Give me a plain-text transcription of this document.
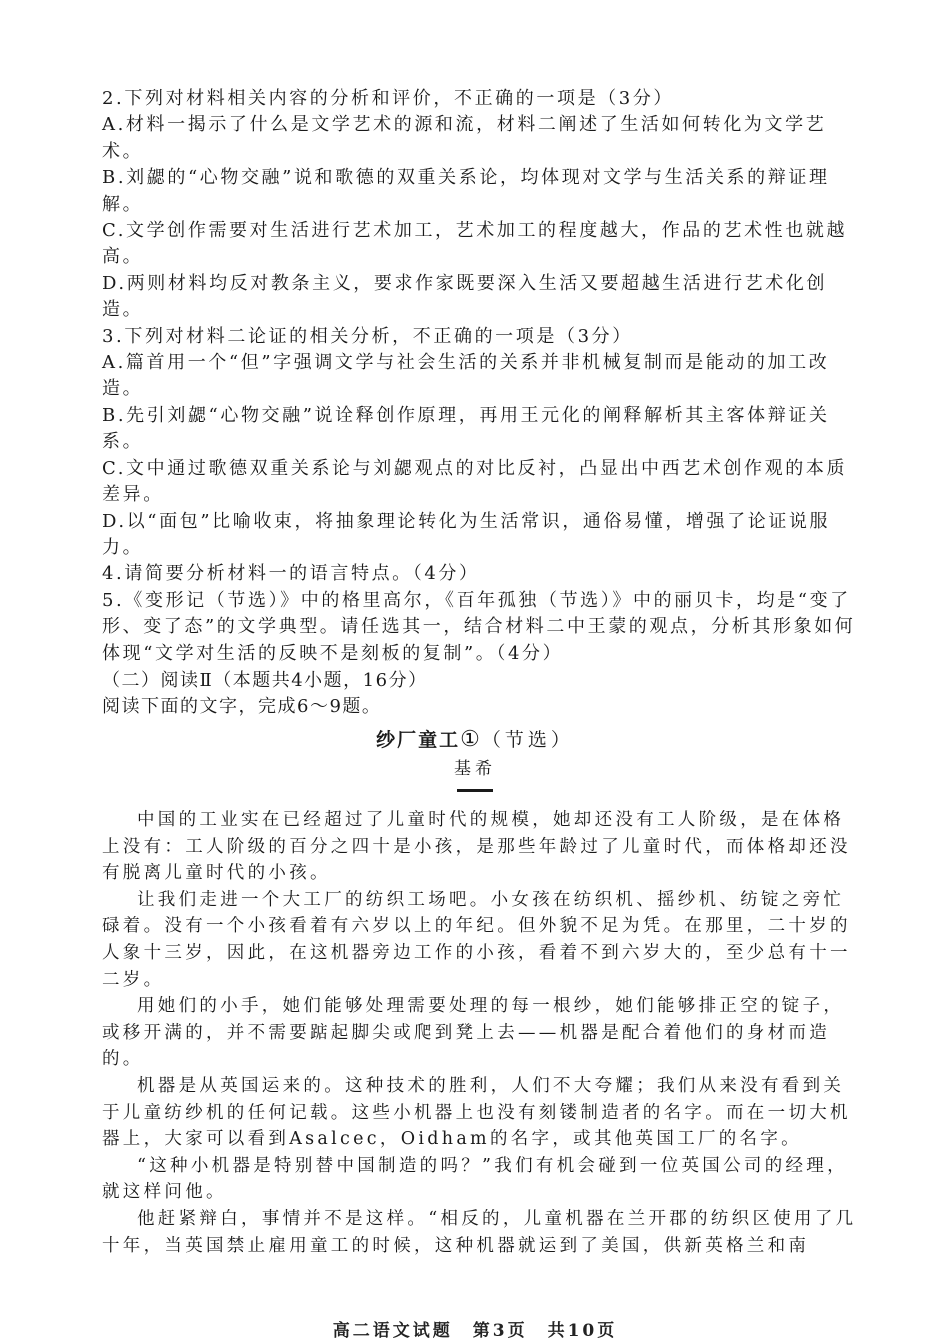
2.下列对材料相关内容的分析和评价，不正确的一项是（3分）

A.材料一揭示了什么是文学艺术的源和流，材料二阐述了生活如何转化为文学艺术。

B.刘勰的“心物交融”说和歌德的双重关系论，均体现对文学与生活关系的辩证理解。

C.文学创作需要对生活进行艺术加工，艺术加工的程度越大，作品的艺术性也就越高。

D.两则材料均反对教条主义，要求作家既要深入生活又要超越生活进行艺术化创造。

3.下列对材料二论证的相关分析，不正确的一项是（3分）

A.篇首用一个“但”字强调文学与社会生活的关系并非机械复制而是能动的加工改造。

B.先引刘勰“心物交融”说诠释创作原理，再用王元化的阐释解析其主客体辩证关系。

C.文中通过歌德双重关系论与刘勰观点的对比反衬，凸显出中西艺术创作观的本质差异。

D.以“面包”比喻收束，将抽象理论转化为生活常识，通俗易懂，增强了论证说服力。

4.请简要分析材料一的语言特点。（4分）

5.《变形记（节选）》中的格里高尔，《百年孤独（节选）》中的丽贝卡，均是“变了形、变了态”的文学典型。请任选其一，结合材料二中王蒙的观点，分析其形象如何体现“文学对生活的反映不是刻板的复制”。（4分）

（二）阅读Ⅱ（本题共4小题，16分）

阅读下面的文字，完成6～9题。

纱厂童工①（节选）
基希

中国的工业实在已经超过了儿童时代的规模，她却还没有工人阶级，是在体格上没有：工人阶级的百分之四十是小孩，是那些年龄过了儿童时代，而体格却还没有脱离儿童时代的小孩。

让我们走进一个大工厂的纺织工场吧。小女孩在纺织机、摇纱机、纺锭之旁忙碌着。没有一个小孩看着有六岁以上的年纪。但外貌不足为凭。在那里，二十岁的人象十三岁，因此，在这机器旁边工作的小孩，看着不到六岁大的，至少总有十一二岁。

用她们的小手，她们能够处理需要处理的每一根纱，她们能够排正空的锭子，或移开满的，并不需要踮起脚尖或爬到凳上去——机器是配合着他们的身材而造的。

机器是从英国运来的。这种技术的胜利，人们不大夸耀；我们从来没有看到关于儿童纺纱机的任何记载。这些小机器上也没有刻镂制造者的名字。而在一切大机器上，大家可以看到Asalcec，Oidham的名字，或其他英国工厂的名字。

“这种小机器是特别替中国制造的吗？”我们有机会碰到一位英国公司的经理，就这样问他。

他赶紧辩白，事情并不是这样。“相反的，儿童机器在兰开郡的纺织区使用了几十年，当英国禁止雇用童工的时候，这种机器就运到了美国，供新英格兰和南

高二语文试题　第3页　共10页
